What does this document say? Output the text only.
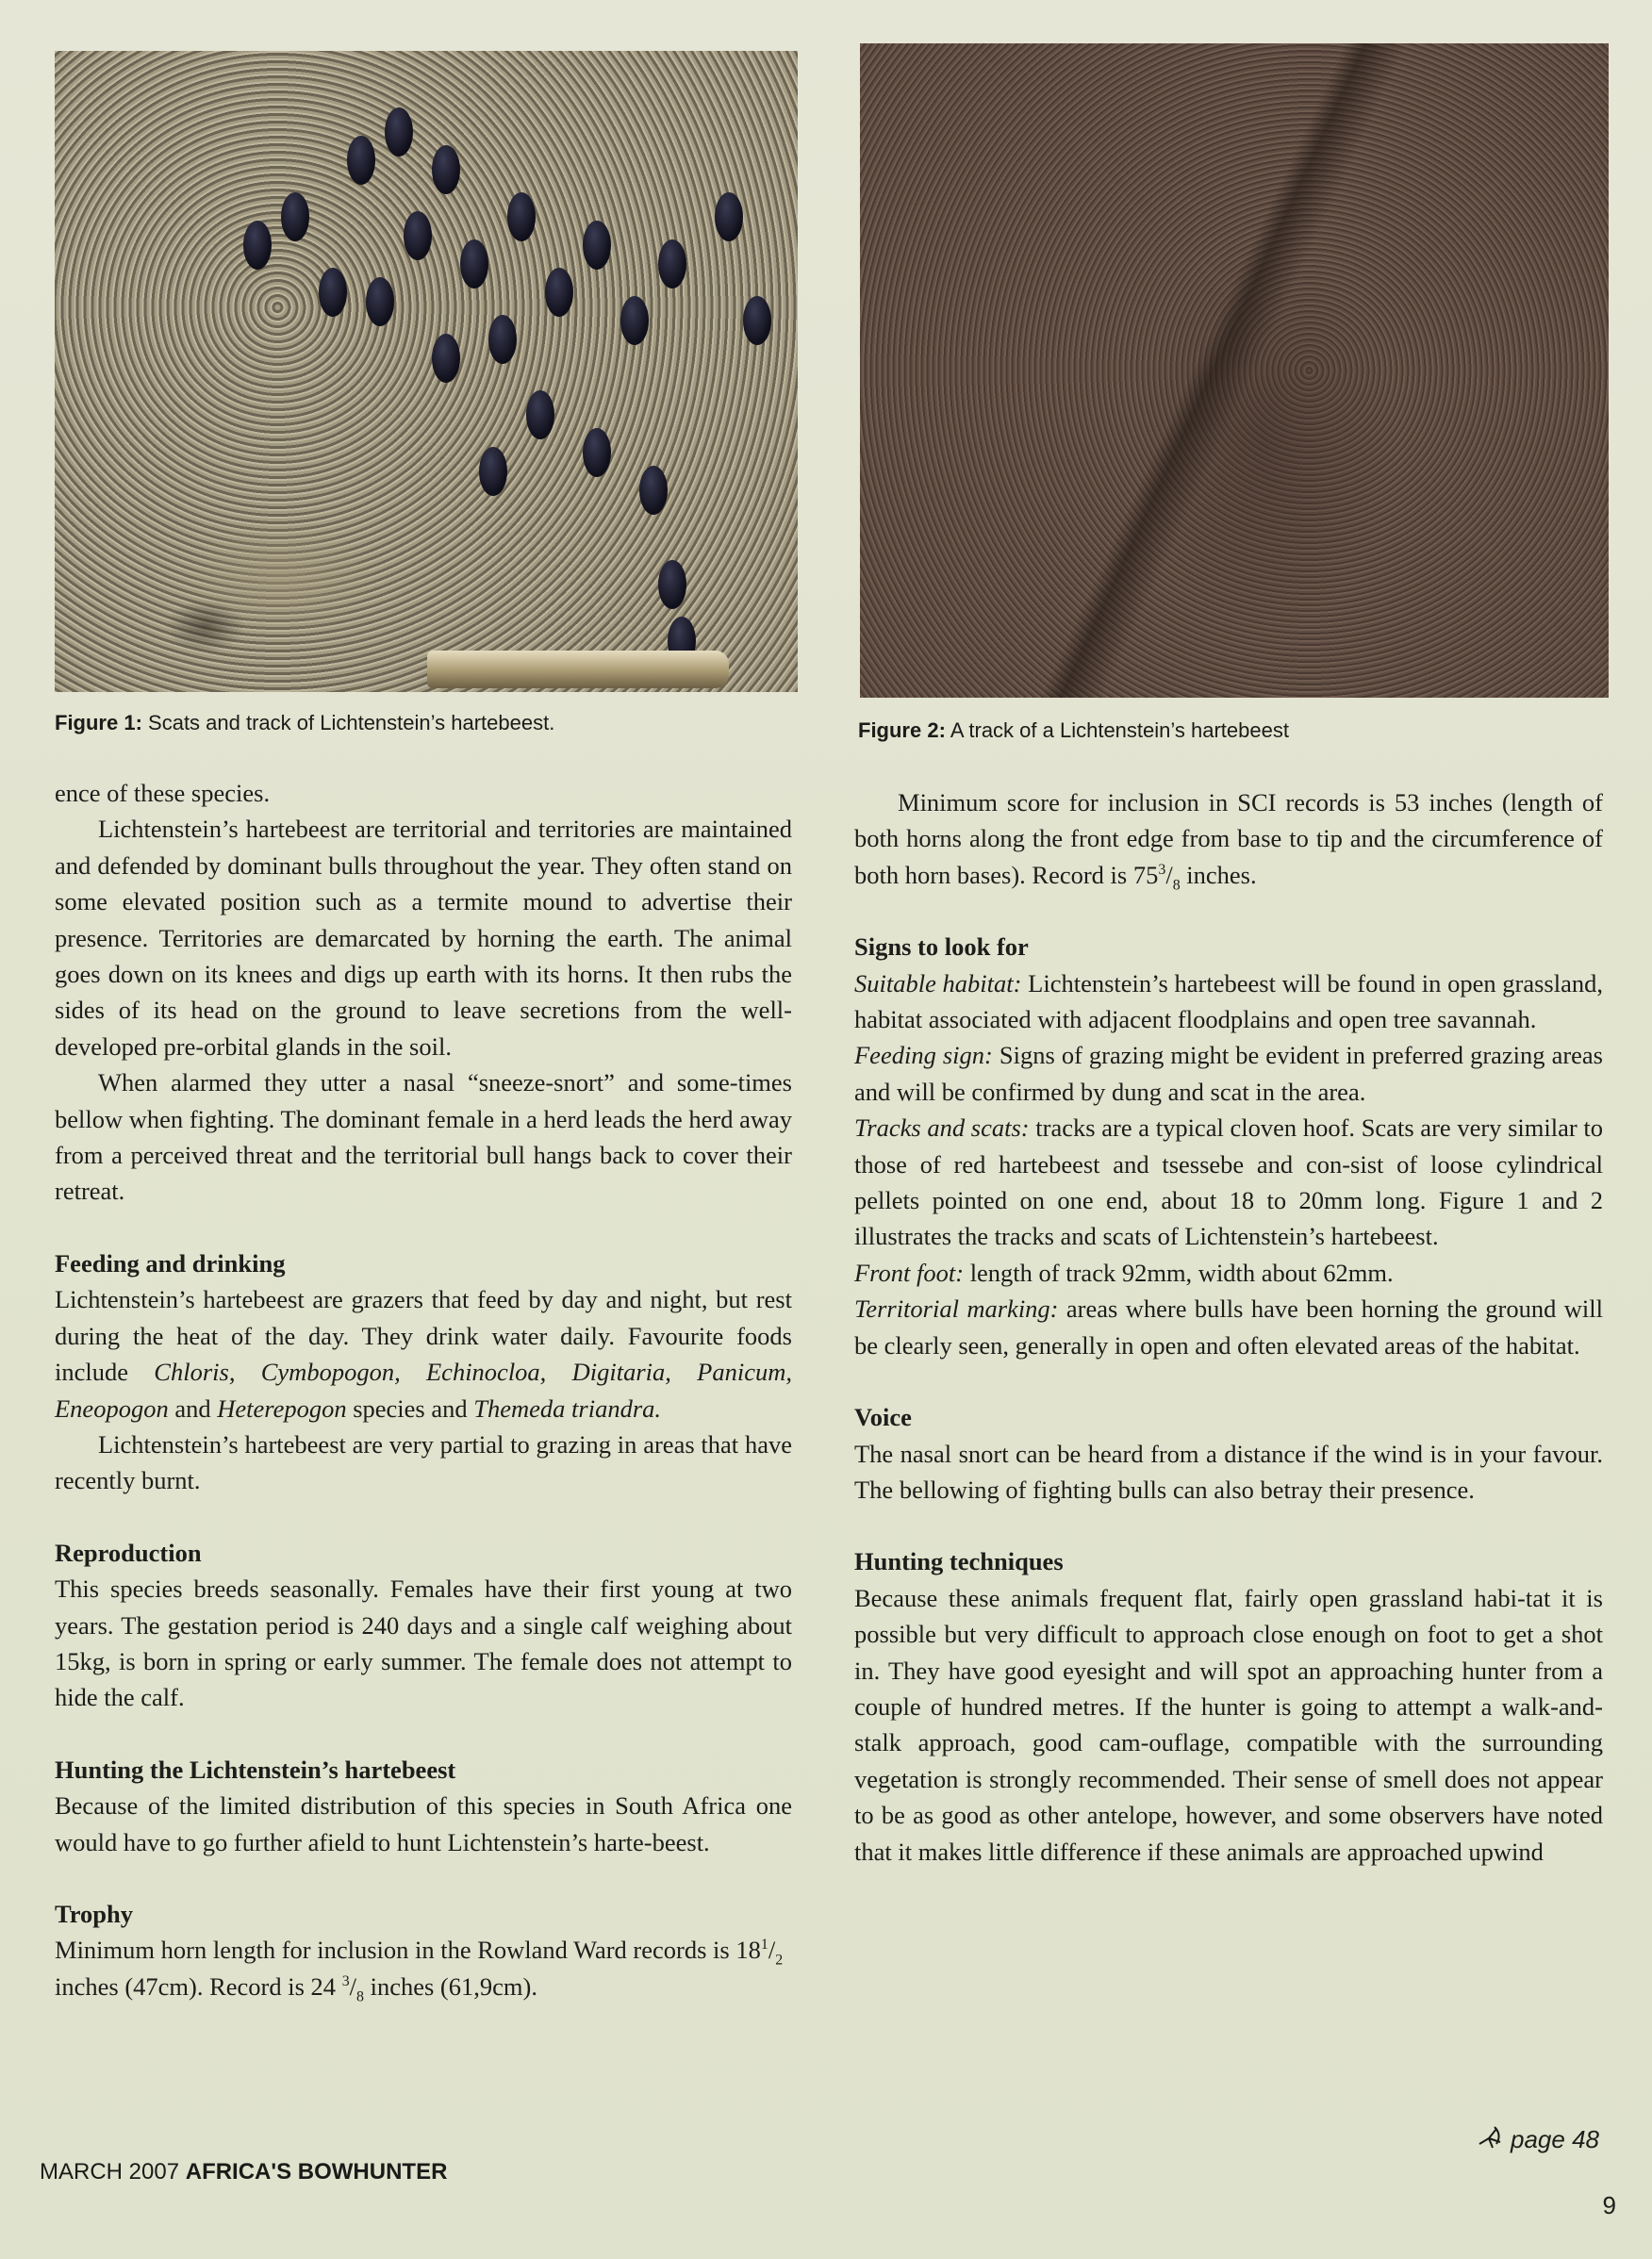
Figure 1: Scats and track of Lichtenstein’s hartebeest.	Figure 2: A track of a Lichtenstein’s hartebeest

ence of these species.

Lichtenstein’s hartebeest are territorial and territories are maintained and defended by dominant bulls throughout the year. They often stand on some elevated position such as a termite mound to advertise their presence. Territories are demarcated by horning the earth. The animal goes down on its knees and digs up earth with its horns. It then rubs the sides of its head on the ground to leave secretions from the well-developed pre-orbital glands in the soil.

When alarmed they utter a nasal “sneeze-snort” and some-times bellow when fighting. The dominant female in a herd leads the herd away from a perceived threat and the territorial bull hangs back to cover their retreat.

Feeding and drinking

Lichtenstein’s hartebeest are grazers that feed by day and night, but rest during the heat of the day. They drink water daily. Favourite foods include Chloris, Cymbopogon, Echinocloa, Digitaria, Panicum, Eneopogon and Heterepogon species and Themeda triandra.

Lichtenstein’s hartebeest are very partial to grazing in areas that have recently burnt.

Reproduction

This species breeds seasonally. Females have their first young at two years. The gestation period is 240 days and a single calf weighing about 15kg, is born in spring or early summer. The female does not attempt to hide the calf.

Hunting the Lichtenstein’s hartebeest

Because of the limited distribution of this species in South Africa one would have to go further afield to hunt Lichtenstein’s harte-beest.

Trophy

Minimum horn length for inclusion in the Rowland Ward records is $18^1/_2$ inches (47cm). Record is 24 $^3/_8$ inches (61,9cm).

Minimum score for inclusion in SCI records is 53 inches (length of both horns along the front edge from base to tip and the circumference of both horn bases). Record is $75^3/_8$ inches.

Signs to look for

Suitable habitat: Lichtenstein’s hartebeest will be found in open grassland, habitat associated with adjacent floodplains and open tree savannah.

Feeding sign: Signs of grazing might be evident in preferred grazing areas and will be confirmed by dung and scat in the area.

Tracks and scats: tracks are a typical cloven hoof. Scats are very similar to those of red hartebeest and tsessebe and con-sist of loose cylindrical pellets pointed on one end, about 18 to 20mm long. Figure 1 and 2 illustrates the tracks and scats of Lichtenstein’s hartebeest.

Front foot: length of track 92mm, width about 62mm.

Territorial marking: areas where bulls have been horning the ground will be clearly seen, generally in open and often elevated areas of the habitat.

Voice

The nasal snort can be heard from a distance if the wind is in your favour. The bellowing of fighting bulls can also betray their presence.

Hunting techniques

Because these animals frequent flat, fairly open grassland habi-tat it is possible but very difficult to approach close enough on foot to get a shot in. They have good eyesight and will spot an approaching hunter from a couple of hundred metres. If the hunter is going to attempt a walk-and-stalk approach, good cam-ouflage, compatible with the surrounding vegetation is strongly recommended. Their sense of smell does not appear to be as good as other antelope, however, and some observers have noted that it makes little difference if these animals are approached upwind

page 48
MARCH 2007 AFRICA'S BOWHUNTER
9
